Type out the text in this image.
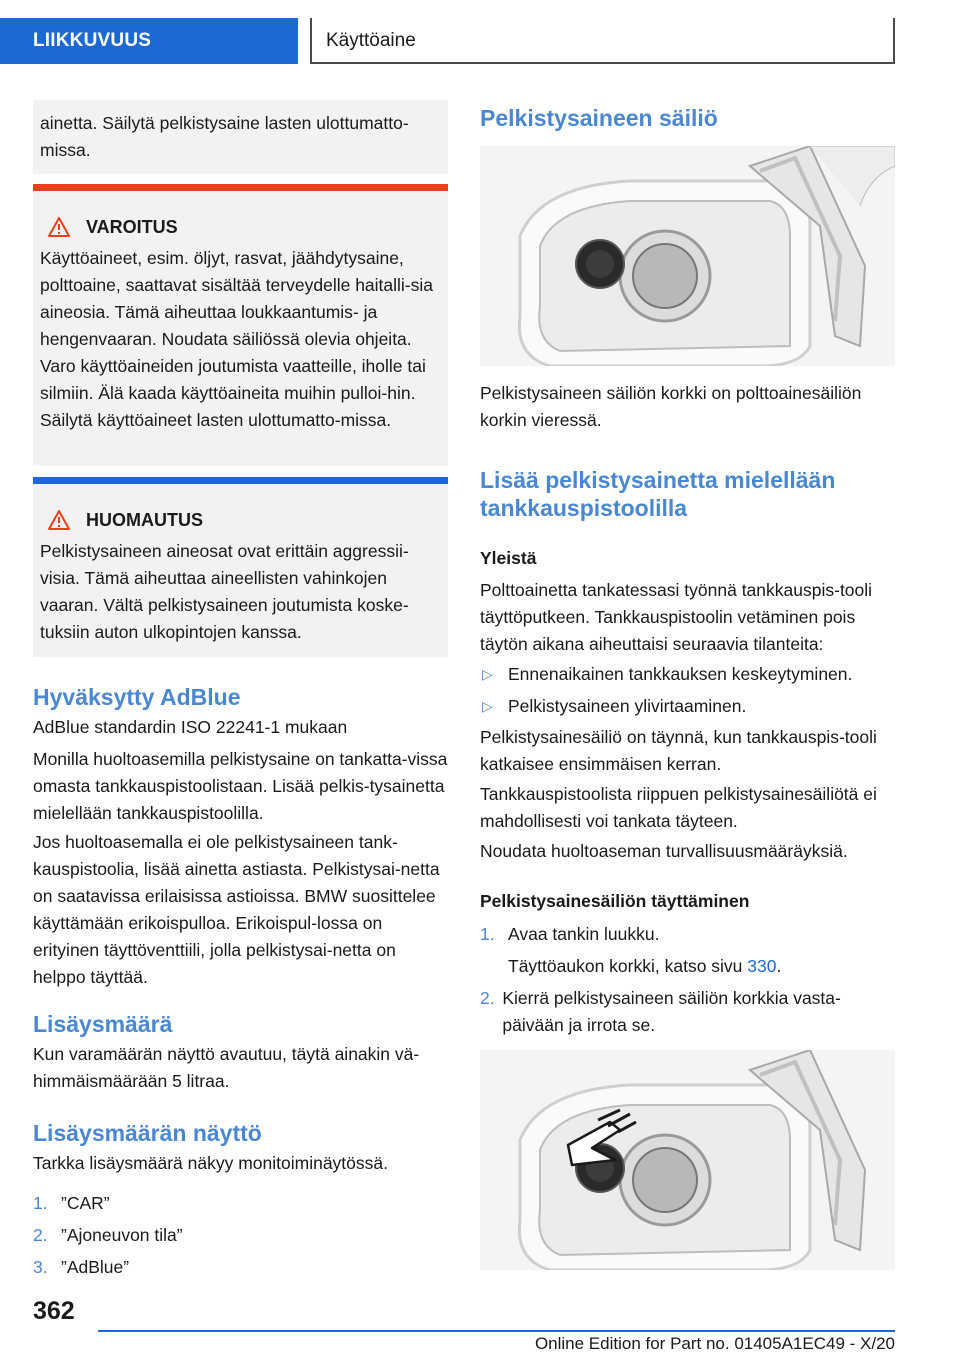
LIIKKUVUUS	Käyttöaine

ainetta. Säilytä pelkistysaine lasten ulottumatto‐missa.

VAROITUS

Käyttöaineet, esim. öljyt, rasvat, jäähdytysaine, polttoaine, saattavat sisältää terveydelle haitalli‐sia aineosia. Tämä aiheuttaa loukkaantumis- ja hengenvaaran. Noudata säiliössä olevia ohjeita. Varo käyttöaineiden joutumista vaatteille, iholle tai silmiin. Älä kaada käyttöaineita muihin pulloi‐hin. Säilytä käyttöaineet lasten ulottumatto‐missa.

HUOMAUTUS

Pelkistysaineen aineosat ovat erittäin aggressii‐visia. Tämä aiheuttaa aineellisten vahinkojen vaaran. Vältä pelkistysaineen joutumista koske‐tuksiin auton ulkopintojen kanssa.

Hyväksytty AdBlue

AdBlue standardin ISO 22241-1 mukaan

Monilla huoltoasemilla pelkistysaine on tankatta‐vissa omasta tankkauspistoolistaan. Lisää pelkis‐tysainetta mielellään tankkauspistoolilla.

Jos huoltoasemalla ei ole pelkistysaineen tank‐kauspistoolia, lisää ainetta astiasta. Pelkistysai‐netta on saatavissa erilaisissa astioissa. BMW suosittelee käyttämään erikoispulloa. Erikoispul‐lossa on erityinen täyttöventtiili, jolla pelkistysai‐netta on helppo täyttää.

Lisäysmäärä

Kun varamäärän näyttö avautuu, täytä ainakin vä‐himmäismäärään 5 litraa.

Lisäysmäärän näyttö

Tarkka lisäysmäärä näkyy monitoiminäytössä.

1. ”CAR”
2. ”Ajoneuvon tila”
3. ”AdBlue”
Pelkistysaineen säiliö

Pelkistysaineen säiliön korkki on polttoainesäiliön korkin vieressä.

Lisää pelkistysainetta mielellään tankkauspistoolilla
Yleistä

Polttoainetta tankatessasi työnnä tankkauspis‐tooli täyttöputkeen. Tankkauspistoolin vetäminen pois täytön aikana aiheuttaisi seuraavia tilanteita:

▷ Ennenaikainen tankkauksen keskeytyminen.
▷ Pelkistysaineen ylivirtaaminen.

Pelkistysainesäiliö on täynnä, kun tankkauspis‐tooli katkaisee ensimmäisen kerran.

Tankkauspistoolista riippuen pelkistysainesäiliötä ei mahdollisesti voi tankata täyteen.

Noudata huoltoaseman turvallisuusmääräyksiä.

Pelkistysainesäiliön täyttäminen
1. Avaa tankin luukku.
Täyttöaukon korkki, katso sivu 330.
2. Kierrä pelkistysaineen säiliön korkkia vasta‐päivään ja irrota se.
362
Online Edition for Part no. 01405A1EC49 - X/20
